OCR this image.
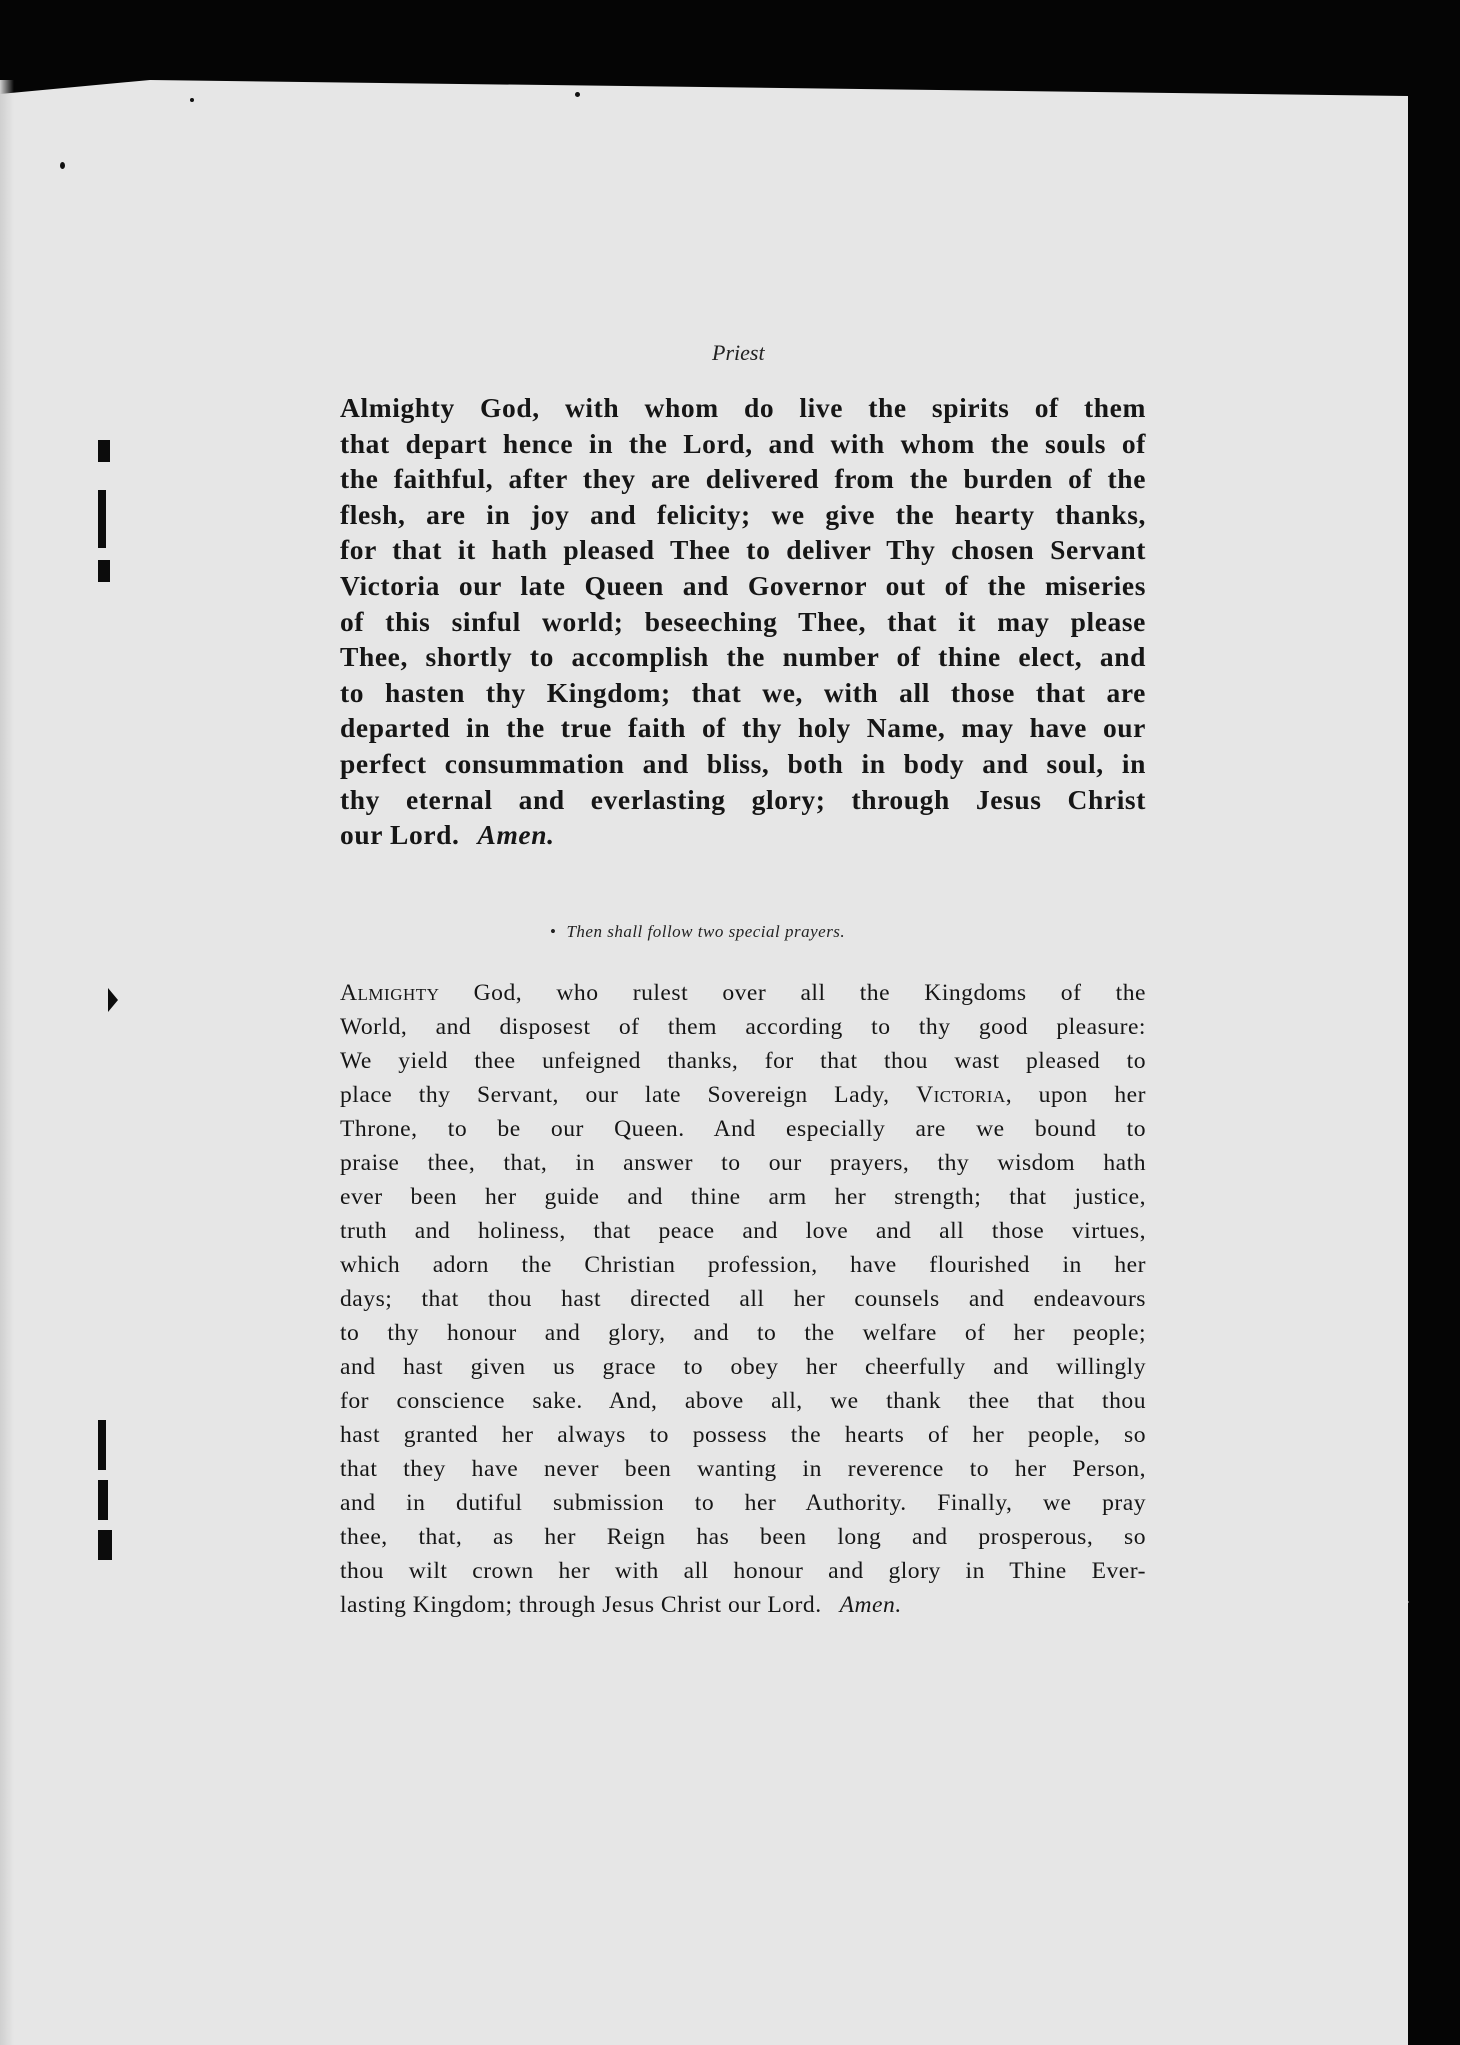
Priest
Almighty God, with whom do live the spirits of them
that depart hence in the Lord, and with whom the souls of
the faithful, after they are delivered from the burden of the
flesh, are in joy and felicity; we give the hearty thanks,
for that it hath pleased Thee to deliver Thy chosen Servant
Victoria our late Queen and Governor out of the miseries
of this sinful world; beseeching Thee, that it may please
Thee, shortly to accomplish the number of thine elect, and
to hasten thy Kingdom; that we, with all those that are
departed in the true faith of thy holy Name, may have our
perfect consummation and bliss, both in body and soul, in
thy eternal and everlasting glory; through Jesus Christ
our Lord. Amen.
• Then shall follow two special prayers.
Almighty God, who rulest over all the Kingdoms of the
World, and disposest of them according to thy good pleasure:
We yield thee unfeigned thanks, for that thou wast pleased to
place thy Servant, our late Sovereign Lady, Victoria, upon her
Throne, to be our Queen. And especially are we bound to
praise thee, that, in answer to our prayers, thy wisdom hath
ever been her guide and thine arm her strength; that justice,
truth and holiness, that peace and love and all those virtues,
which adorn the Christian profession, have flourished in her
days; that thou hast directed all her counsels and endeavours
to thy honour and glory, and to the welfare of her people;
and hast given us grace to obey her cheerfully and willingly
for conscience sake. And, above all, we thank thee that thou
hast granted her always to possess the hearts of her people, so
that they have never been wanting in reverence to her Person,
and in dutiful submission to her Authority. Finally, we pray
thee, that, as her Reign has been long and prosperous, so
thou wilt crown her with all honour and glory in Thine Ever-
lasting Kingdom; through Jesus Christ our Lord. Amen.
